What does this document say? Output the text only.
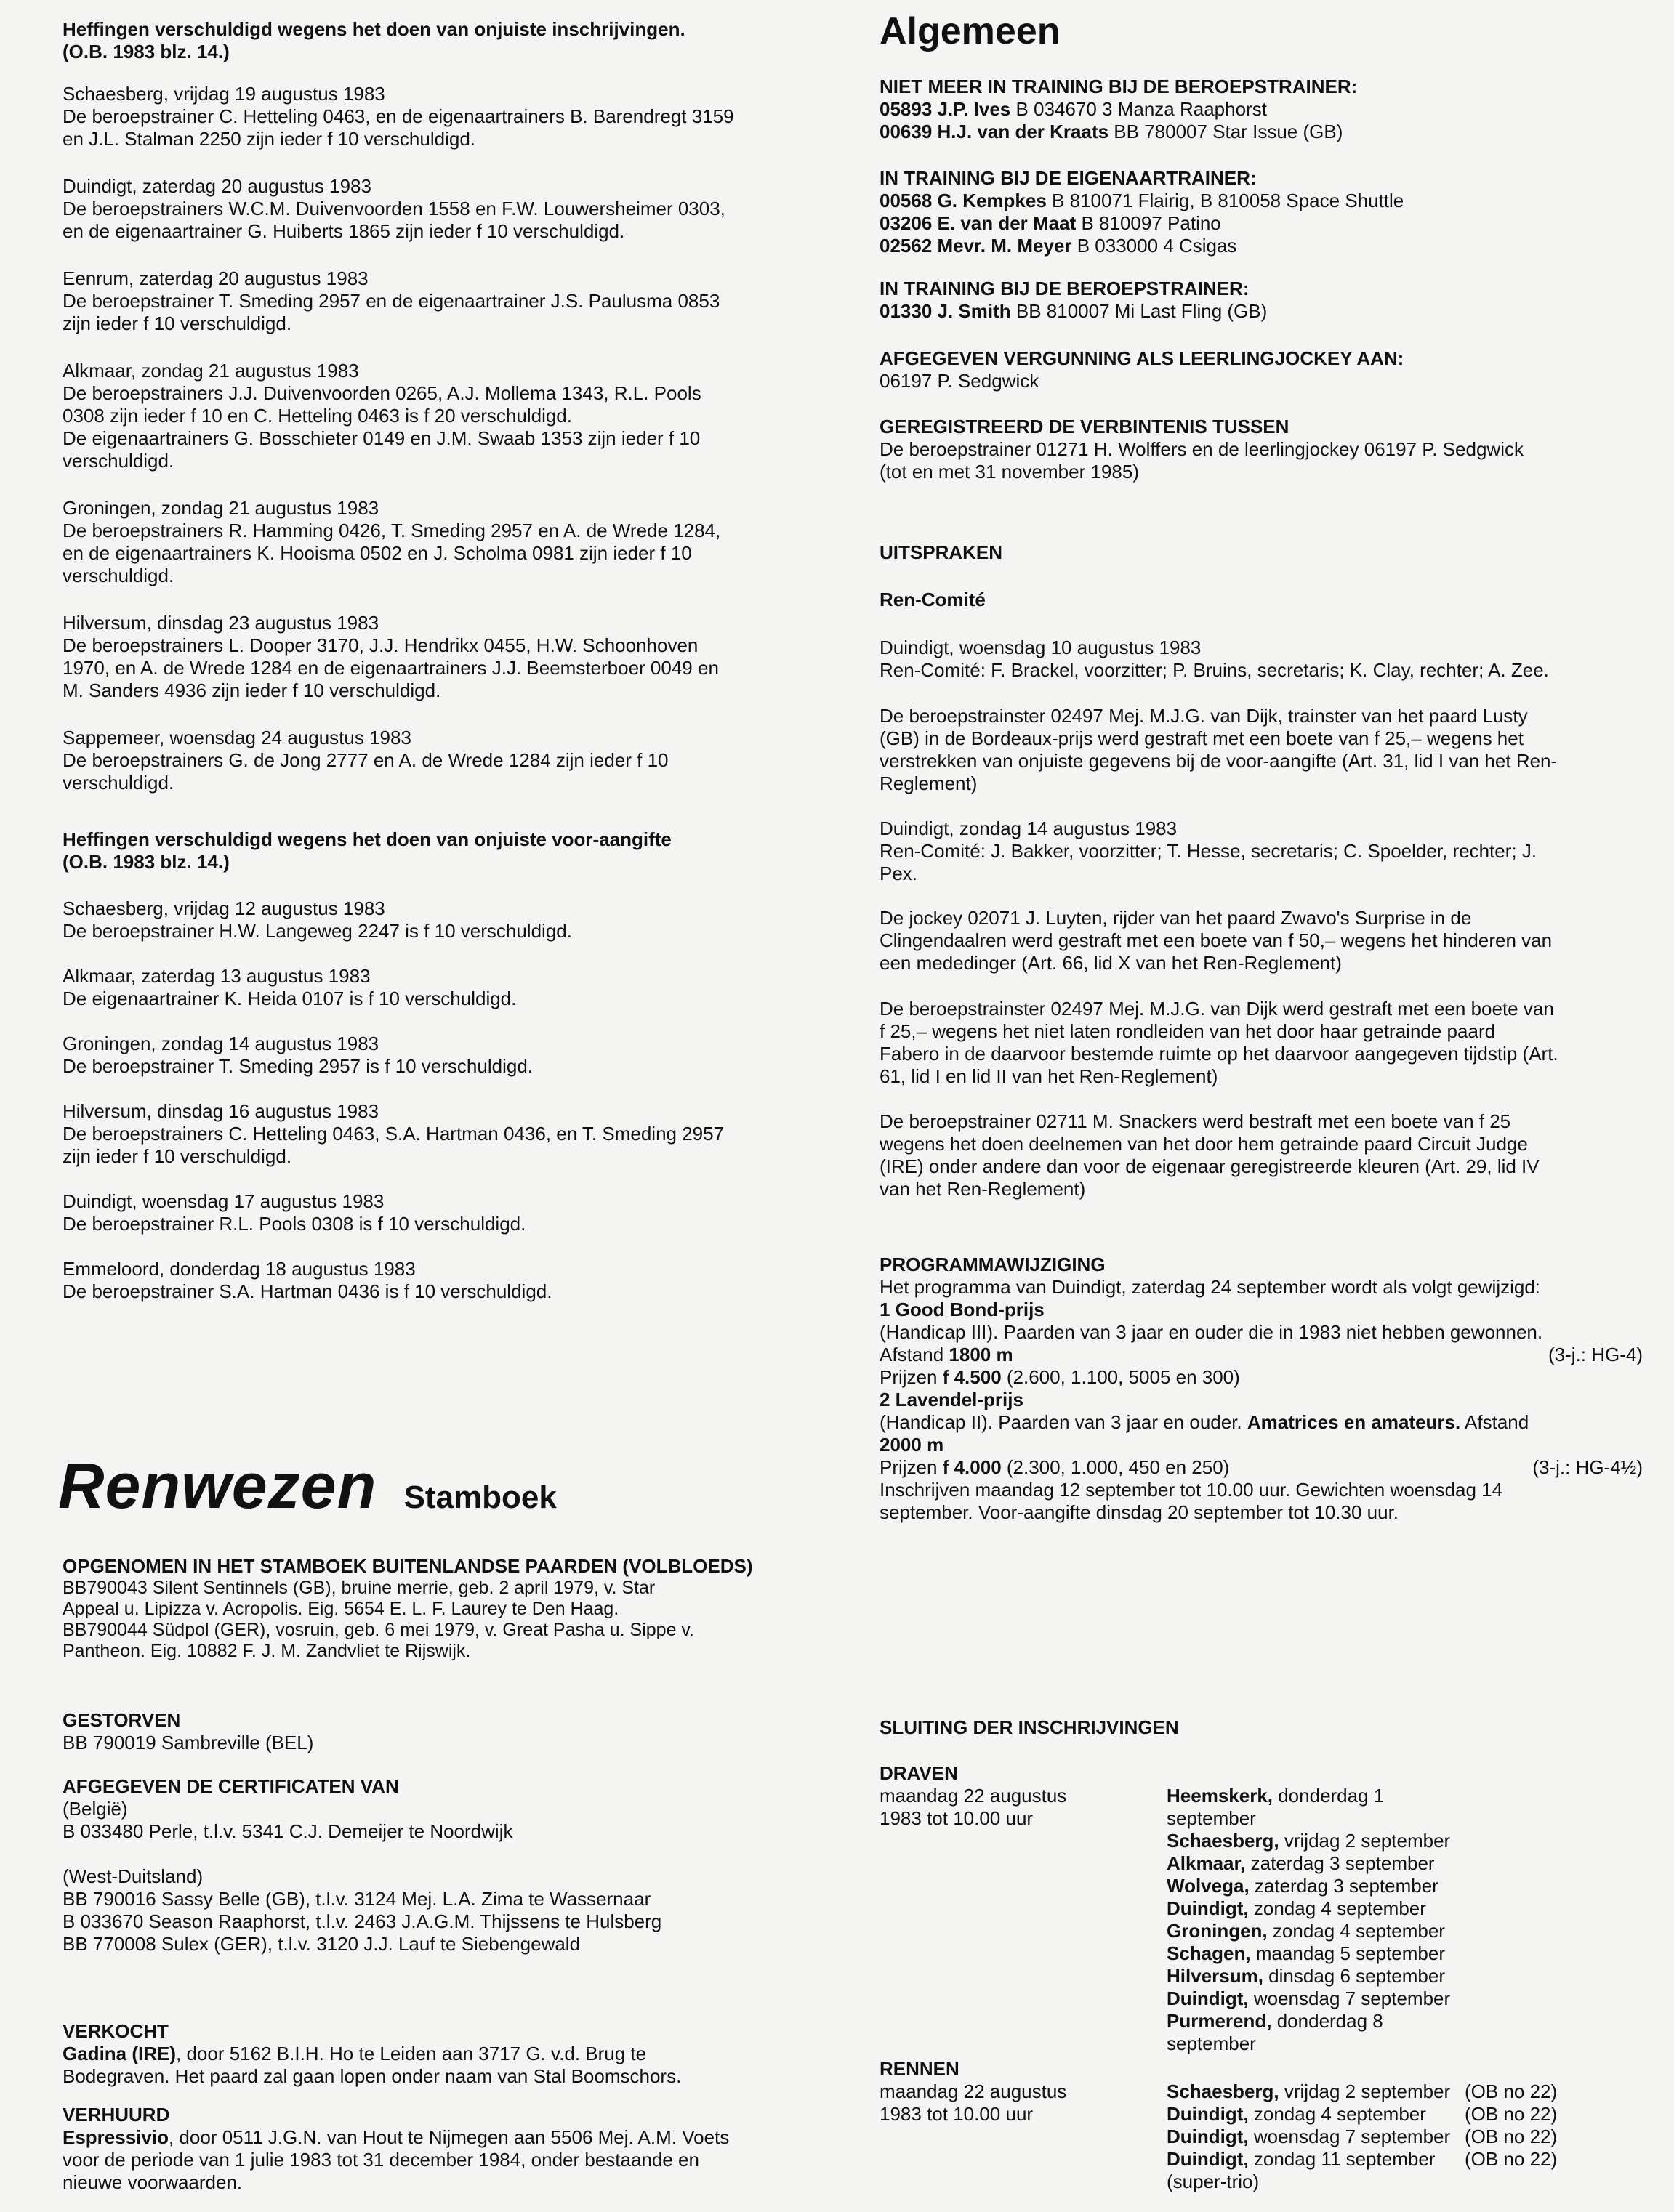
Heffingen verschuldigd wegens het doen van onjuiste inschrijvingen.
(O.B. 1983 blz. 14.)
Schaesberg, vrijdag 19 augustus 1983
De beroepstrainer C. Hetteling 0463, en de eigenaartrainers B. Barendregt 3159
en J.L. Stalman 2250 zijn ieder f 10 verschuldigd.
Duindigt, zaterdag 20 augustus 1983
De beroepstrainers W.C.M. Duivenvoorden 1558 en F.W. Louwersheimer 0303,
en de eigenaartrainer G. Huiberts 1865 zijn ieder f 10 verschuldigd.
Eenrum, zaterdag 20 augustus 1983
De beroepstrainer T. Smeding 2957 en de eigenaartrainer J.S. Paulusma 0853
zijn ieder f 10 verschuldigd.
Alkmaar, zondag 21 augustus 1983
De beroepstrainers J.J. Duivenvoorden 0265, A.J. Mollema 1343, R.L. Pools
0308 zijn ieder f 10 en C. Hetteling 0463 is f 20 verschuldigd.
De eigenaartrainers G. Bosschieter 0149 en J.M. Swaab 1353 zijn ieder f 10
verschuldigd.
Groningen, zondag 21 augustus 1983
De beroepstrainers R. Hamming 0426, T. Smeding 2957 en A. de Wrede 1284,
en de eigenaartrainers K. Hooisma 0502 en J. Scholma 0981 zijn ieder f 10
verschuldigd.
Hilversum, dinsdag 23 augustus 1983
De beroepstrainers L. Dooper 3170, J.J. Hendrikx 0455, H.W. Schoonhoven
1970, en A. de Wrede 1284 en de eigenaartrainers J.J. Beemsterboer 0049 en
M. Sanders 4936 zijn ieder f 10 verschuldigd.
Sappemeer, woensdag 24 augustus 1983
De beroepstrainers G. de Jong 2777 en A. de Wrede 1284 zijn ieder f 10
verschuldigd.
Heffingen verschuldigd wegens het doen van onjuiste voor-aangifte
(O.B. 1983 blz. 14.)
Schaesberg, vrijdag 12 augustus 1983
De beroepstrainer H.W. Langeweg 2247 is f 10 verschuldigd.
Alkmaar, zaterdag 13 augustus 1983
De eigenaartrainer K. Heida 0107 is f 10 verschuldigd.
Groningen, zondag 14 augustus 1983
De beroepstrainer T. Smeding 2957 is f 10 verschuldigd.
Hilversum, dinsdag 16 augustus 1983
De beroepstrainers C. Hetteling 0463, S.A. Hartman 0436, en T. Smeding 2957
zijn ieder f 10 verschuldigd.
Duindigt, woensdag 17 augustus 1983
De beroepstrainer R.L. Pools 0308 is f 10 verschuldigd.
Emmeloord, donderdag 18 augustus 1983
De beroepstrainer S.A. Hartman 0436 is f 10 verschuldigd.
Renwezen Stamboek
OPGENOMEN IN HET STAMBOEK BUITENLANDSE PAARDEN (VOLBLOEDS)
BB790043 Silent Sentinnels (GB), bruine merrie, geb. 2 april 1979, v. Star
Appeal u. Lipizza v. Acropolis. Eig. 5654 E. L. F. Laurey te Den Haag.
BB790044 Südpol (GER), vosruin, geb. 6 mei 1979, v. Great Pasha u. Sippe v.
Pantheon. Eig. 10882 F. J. M. Zandvliet te Rijswijk.
GESTORVEN
BB 790019 Sambreville (BEL)
AFGEGEVEN DE CERTIFICATEN VAN
(België)
B 033480 Perle, t.l.v. 5341 C.J. Demeijer te Noordwijk
(West-Duitsland)
BB 790016 Sassy Belle (GB), t.l.v. 3124 Mej. L.A. Zima te Wassernaar
B 033670 Season Raaphorst, t.l.v. 2463 J.A.G.M. Thijssens te Hulsberg
BB 770008 Sulex (GER), t.l.v. 3120 J.J. Lauf te Siebengewald
VERKOCHT
Gadina (IRE), door 5162 B.I.H. Ho te Leiden aan 3717 G. v.d. Brug te
Bodegraven. Het paard zal gaan lopen onder naam van Stal Boomschors.
VERHUURD
Espressivio, door 0511 J.G.N. van Hout te Nijmegen aan 5506 Mej. A.M. Voets
voor de periode van 1 julie 1983 tot 31 december 1984, onder bestaande en
nieuwe voorwaarden.
Algemeen
NIET MEER IN TRAINING BIJ DE BEROEPSTRAINER:
05893 J.P. Ives B 034670 3 Manza Raaphorst
00639 H.J. van der Kraats BB 780007 Star Issue (GB)
IN TRAINING BIJ DE EIGENAARTRAINER:
00568 G. Kempkes B 810071 Flairig, B 810058 Space Shuttle
03206 E. van der Maat B 810097 Patino
02562 Mevr. M. Meyer B 033000 4 Csigas
IN TRAINING BIJ DE BEROEPSTRAINER:
01330 J. Smith BB 810007 Mi Last Fling (GB)
AFGEGEVEN VERGUNNING ALS LEERLINGJOCKEY AAN:
06197 P. Sedgwick
GEREGISTREERD DE VERBINTENIS TUSSEN
De beroepstrainer 01271 H. Wolffers en de leerlingjockey 06197 P. Sedgwick
(tot en met 31 november 1985)
UITSPRAKEN
Ren-Comité
Duindigt, woensdag 10 augustus 1983
Ren-Comité: F. Brackel, voorzitter; P. Bruins, secretaris; K. Clay, rechter; A. Zee.
De beroepstrainster 02497 Mej. M.J.G. van Dijk, trainster van het paard Lusty
(GB) in de Bordeaux-prijs werd gestraft met een boete van f 25,– wegens het
verstrekken van onjuiste gegevens bij de voor-aangifte (Art. 31, lid I van het Ren-
Reglement)
Duindigt, zondag 14 augustus 1983
Ren-Comité: J. Bakker, voorzitter; T. Hesse, secretaris; C. Spoelder, rechter; J.
Pex.
De jockey 02071 J. Luyten, rijder van het paard Zwavo's Surprise in de
Clingendaalren werd gestraft met een boete van f 50,– wegens het hinderen van
een mededinger (Art. 66, lid X van het Ren-Reglement)
De beroepstrainster 02497 Mej. M.J.G. van Dijk werd gestraft met een boete van
f 25,– wegens het niet laten rondleiden van het door haar getrainde paard
Fabero in de daarvoor bestemde ruimte op het daarvoor aangegeven tijdstip (Art.
61, lid I en lid II van het Ren-Reglement)
De beroepstrainer 02711 M. Snackers werd bestraft met een boete van f 25
wegens het doen deelnemen van het door hem getrainde paard Circuit Judge
(IRE) onder andere dan voor de eigenaar geregistreerde kleuren (Art. 29, lid IV
van het Ren-Reglement)
PROGRAMMAWIJZIGING
Het programma van Duindigt, zaterdag 24 september wordt als volgt gewijzigd:
1 Good Bond-prijs
(Handicap III). Paarden van 3 jaar en ouder die in 1983 niet hebben gewonnen.
Afstand 1800 m	(3-j.: HG-4)
Prijzen f 4.500 (2.600, 1.100, 5005 en 300)
2 Lavendel-prijs
(Handicap II). Paarden van 3 jaar en ouder. Amatrices en amateurs. Afstand
2000 m
Prijzen f 4.000 (2.300, 1.000, 450 en 250)	(3-j.: HG-4½)
Inschrijven maandag 12 september tot 10.00 uur. Gewichten woensdag 14
september. Voor-aangifte dinsdag 20 september tot 10.30 uur.
SLUITING DER INSCHRIJVINGEN
DRAVEN
maandag 22 augustus
1983 tot 10.00 uur
Heemskerk, donderdag 1 september
Schaesberg, vrijdag 2 september
Alkmaar, zaterdag 3 september
Wolvega, zaterdag 3 september
Duindigt, zondag 4 september
Groningen, zondag 4 september
Schagen, maandag 5 september
Hilversum, dinsdag 6 september
Duindigt, woensdag 7 september
Purmerend, donderdag 8 september
RENNEN
maandag 22 augustus
1983 tot 10.00 uur
Schaesberg, vrijdag 2 september (OB no 22)
Duindigt, zondag 4 september	(OB no 22)
Duindigt, woensdag 7 september (OB no 22)
Duindigt, zondag 11 september	(OB no 22)
(super-trio)
